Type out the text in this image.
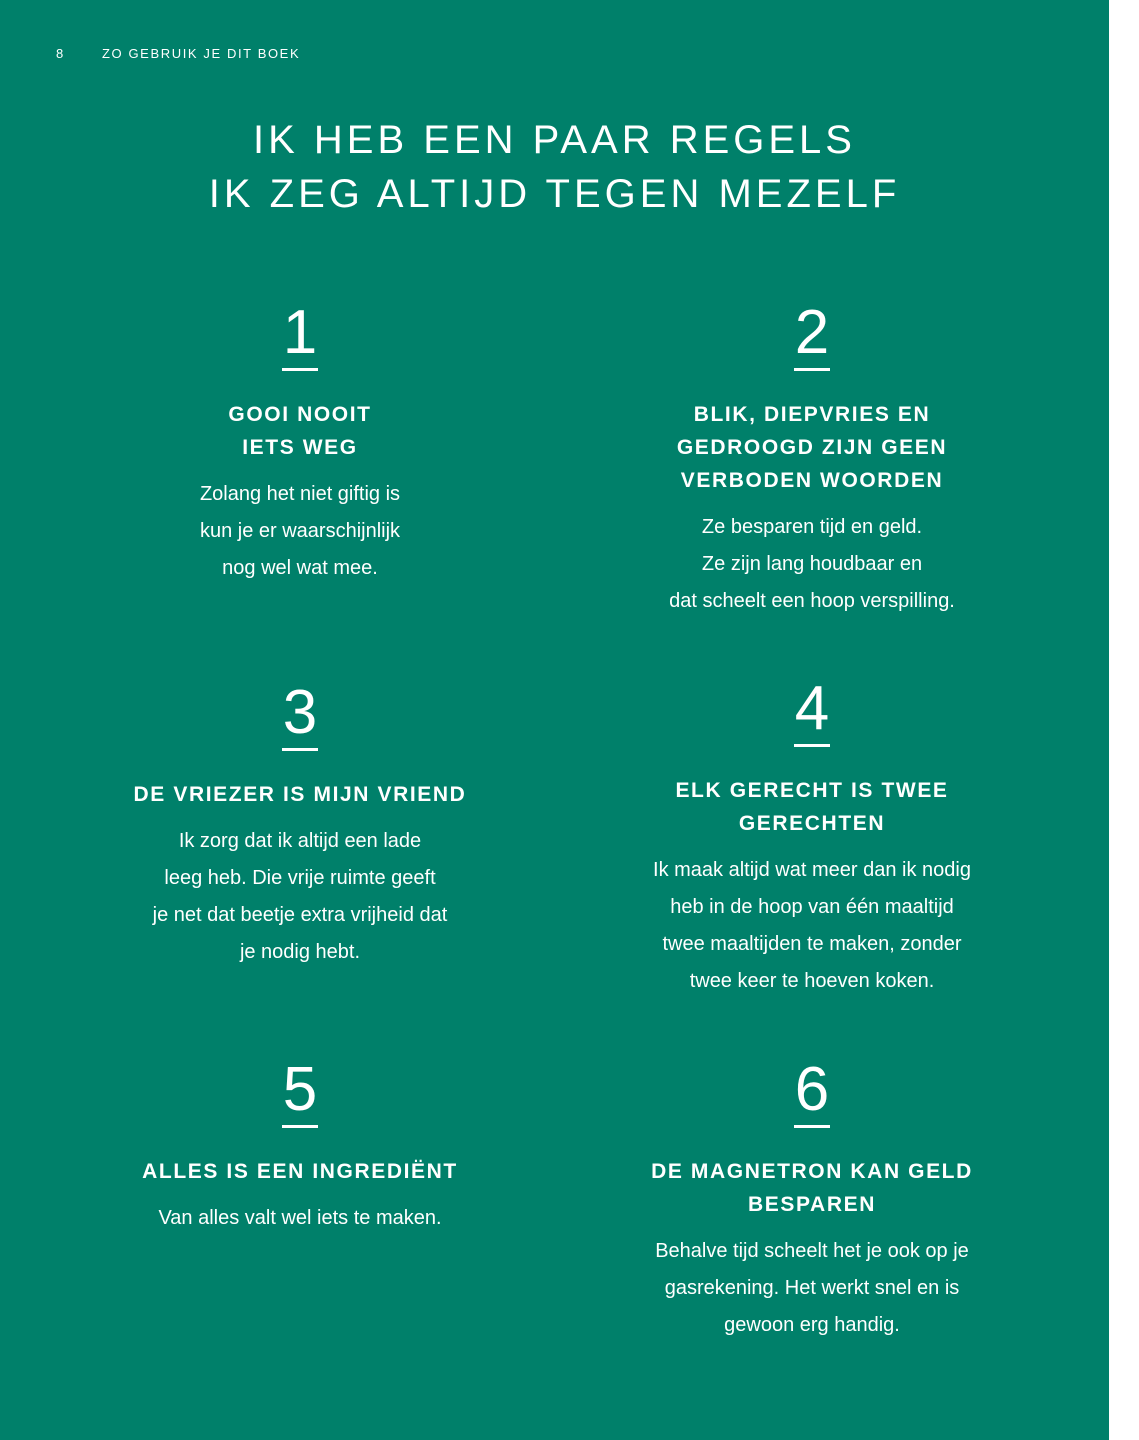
8	ZO GEBRUIK JE DIT BOEK
IK HEB EEN PAAR REGELS
IK ZEG ALTIJD TEGEN MEZELF

1

GOOI NOOIT
IETS WEG

Zolang het niet giftig is
kun je er waarschijnlijk
nog wel wat mee.

2

BLIK, DIEPVRIES EN
GEDROOGD ZIJN GEEN
VERBODEN WOORDEN

Ze besparen tijd en geld.
Ze zijn lang houdbaar en
dat scheelt een hoop verspilling.

3

DE VRIEZER IS MIJN VRIEND

Ik zorg dat ik altijd een lade
leeg heb. Die vrije ruimte geeft
je net dat beetje extra vrijheid dat
je nodig hebt.

4

ELK GERECHT IS TWEE
GERECHTEN

Ik maak altijd wat meer dan ik nodig
heb in de hoop van één maaltijd
twee maaltijden te maken, zonder
twee keer te hoeven koken.

5

ALLES IS EEN INGREDIËNT

Van alles valt wel iets te maken.

6

DE MAGNETRON KAN GELD
BESPAREN

Behalve tijd scheelt het je ook op je
gasrekening. Het werkt snel en is
gewoon erg handig.
